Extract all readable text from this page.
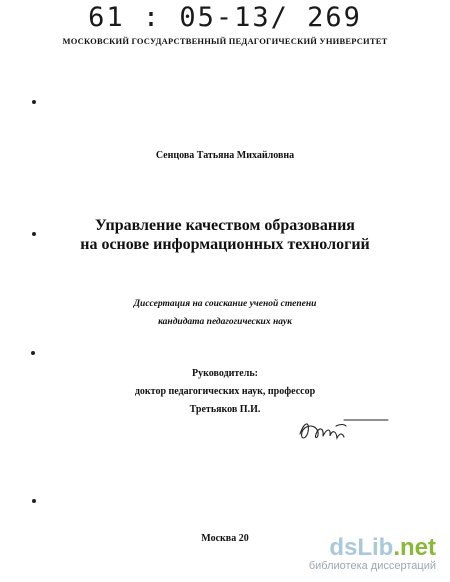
61 : 05-13/ 269
МОСКОВСКИЙ ГОСУДАРСТВЕННЫЙ ПЕДАГОГИЧЕСКИЙ УНИВЕРСИТЕТ
Сенцова Татьяна Михайловна
Управление качеством образования
на основе информационных технологий
Диссертация на соискание ученой степени
кандидата педагогических наук
Руководитель:
доктор педагогических наук, профессор
Третьяков П.И.
Москва 20	dsLib.net
библиотека диссертаций
